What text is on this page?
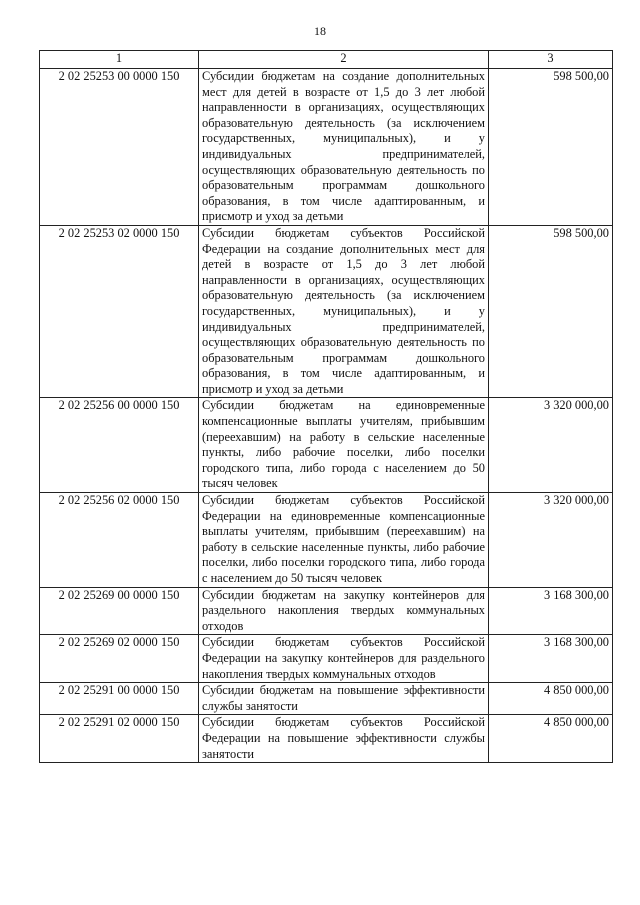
18
1	2	3
2 02 25253 00 0000 150	Субсидии бюджетам на создание дополнительных мест для детей в возрасте от 1,5 до 3 лет любой направленности в организациях, осуществляющих образовательную деятельность (за исключением государственных, муниципальных), и у индивидуальных предпринимателей, осуществляющих образовательную деятельность по образовательным программам дошкольного образования, в том числе адаптированным, и присмотр и уход за детьми	598 500,00
2 02 25253 02 0000 150	Субсидии бюджетам субъектов Российской Федерации на создание дополнительных мест для детей в возрасте от 1,5 до 3 лет любой направленности в организациях, осуществляющих образовательную деятельность (за исключением государственных, муниципальных), и у индивидуальных предпринимателей, осуществляющих образовательную деятельность по образовательным программам дошкольного образования, в том числе адаптированным, и присмотр и уход за детьми	598 500,00
2 02 25256 00 0000 150	Субсидии бюджетам на единовременные компенсационные выплаты учителям, прибывшим (переехавшим) на работу в сельские населенные пункты, либо рабочие поселки, либо поселки городского типа, либо города с населением до 50 тысяч человек	3 320 000,00
2 02 25256 02 0000 150	Субсидии бюджетам субъектов Российской Федерации на единовременные компенсационные выплаты учителям, прибывшим (переехавшим) на работу в сельские населенные пункты, либо рабочие поселки, либо поселки городского типа, либо города с населением до 50 тысяч человек	3 320 000,00
2 02 25269 00 0000 150	Субсидии бюджетам на закупку контейнеров для раздельного накопления твердых коммунальных отходов	3 168 300,00
2 02 25269 02 0000 150	Субсидии бюджетам субъектов Российской Федерации на закупку контейнеров для раздельного накопления твердых коммунальных отходов	3 168 300,00
2 02 25291 00 0000 150	Субсидии бюджетам на повышение эффективности службы занятости	4 850 000,00
2 02 25291 02 0000 150	Субсидии бюджетам субъектов Российской Федерации на повышение эффективности службы занятости	4 850 000,00
